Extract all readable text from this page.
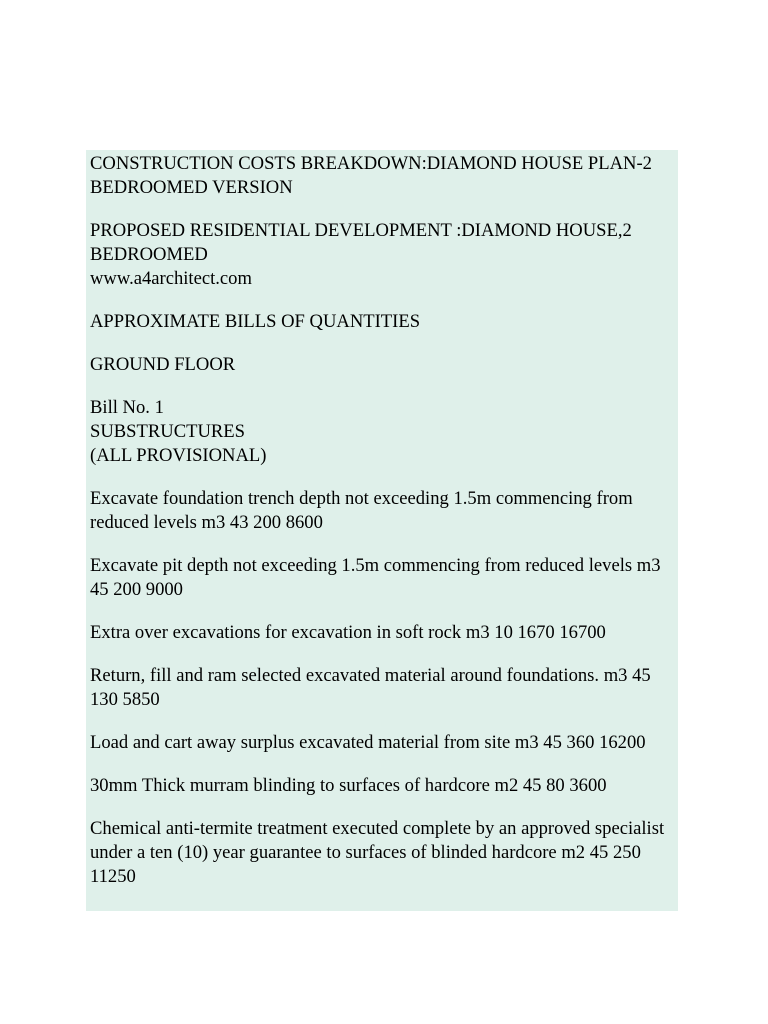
CONSTRUCTION COSTS BREAKDOWN:DIAMOND HOUSE PLAN-2 BEDROOMED VERSION

PROPOSED RESIDENTIAL DEVELOPMENT :DIAMOND HOUSE,2 BEDROOMED

www.a4architect.com

APPROXIMATE BILLS OF QUANTITIES

GROUND FLOOR

Bill No. 1

SUBSTRUCTURES

(ALL PROVISIONAL)

Excavate foundation trench depth not exceeding 1.5m commencing from reduced levels m3 43 200 8600

Excavate pit depth not exceeding 1.5m commencing from reduced levels m3 45 200 9000

Extra over excavations for excavation in soft rock m3 10 1670 16700

Return, fill and ram selected excavated material around foundations. m3 45 130 5850

Load and cart away surplus excavated material from site m3 45 360 16200

30mm Thick murram blinding to surfaces of hardcore m2 45 80 3600

Chemical anti-termite treatment executed complete by an approved specialist under a ten (10) year guarantee to surfaces of blinded hardcore m2 45 250 11250
